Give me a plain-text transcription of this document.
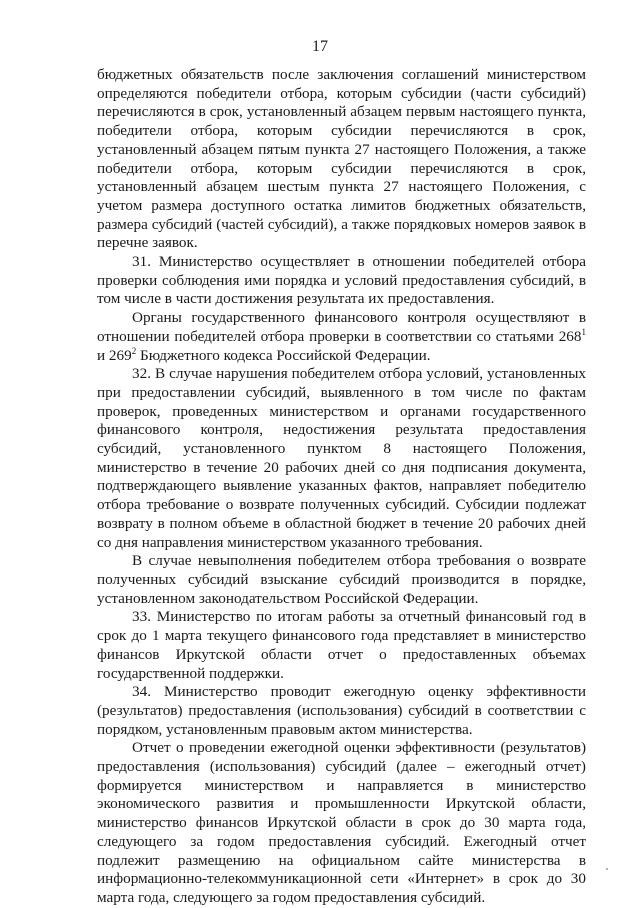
17

бюджетных обязательств после заключения соглашений министерством определяются победители отбора, которым субсидии (части субсидий) перечисляются в срок, установленный абзацем первым настоящего пункта, победители отбора, которым субсидии перечисляются в срок, установленный абзацем пятым пункта 27 настоящего Положения, а также победители отбора, которым субсидии перечисляются в срок, установленный абзацем шестым пункта 27 настоящего Положения, с учетом размера доступного остатка лимитов бюджетных обязательств, размера субсидий (частей субсидий), а также порядковых номеров заявок в перечне заявок.

31. Министерство осуществляет в отношении победителей отбора проверки соблюдения ими порядка и условий предоставления субсидий, в том числе в части достижения результата их предоставления.

Органы государственного финансового контроля осуществляют в отношении победителей отбора проверки в соответствии со статьями $268^1$ и $269^2$ Бюджетного кодекса Российской Федерации.

32. В случае нарушения победителем отбора условий, установленных при предоставлении субсидий, выявленного в том числе по фактам проверок, проведенных министерством и органами государственного финансового контроля, недостижения результата предоставления субсидий, установленного пунктом 8 настоящего Положения, министерство в течение 20 рабочих дней со дня подписания документа, подтверждающего выявление указанных фактов, направляет победителю отбора требование о возврате полученных субсидий. Субсидии подлежат возврату в полном объеме в областной бюджет в течение 20 рабочих дней со дня направления министерством указанного требования.

В случае невыполнения победителем отбора требования о возврате полученных субсидий взыскание субсидий производится в порядке, установленном законодательством Российской Федерации.

33. Министерство по итогам работы за отчетный финансовый год в срок до 1 марта текущего финансового года представляет в министерство финансов Иркутской области отчет о предоставленных объемах государственной поддержки.

34. Министерство проводит ежегодную оценку эффективности (результатов) предоставления (использования) субсидий в соответствии с порядком, установленным правовым актом министерства.

Отчет о проведении ежегодной оценки эффективности (результатов) предоставления (использования) субсидий (далее – ежегодный отчет) формируется министерством и направляется в министерство экономического развития и промышленности Иркутской области, министерство финансов Иркутской области в срок до 30 марта года, следующего за годом предоставления субсидий. Ежегодный отчет подлежит размещению на официальном сайте министерства в информационно-телекоммуникационной сети «Интернет» в срок до 30 марта года, следующего за годом предоставления субсидий.
